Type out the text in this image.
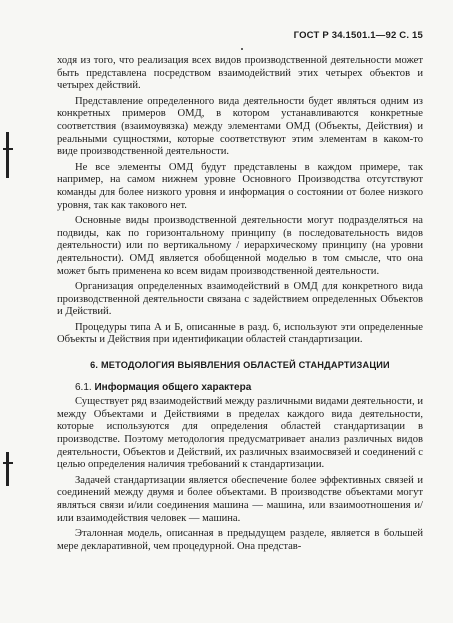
ГОСТ Р 34.1501.1—92 С. 15

ходя из того, что реализация всех видов производственной деятельности может быть представлена посредством взаимодействий этих четырех объектов и четырех действий.

Представление определенного вида деятельности будет являться одним из конкретных примеров ОМД, в котором устанавливаются конкретные соответствия (взаимоувязка) между элементами ОМД (Объекты, Действия) и реальными сущностями, которые соответствуют этим элементам в каком-то виде производственной деятельности.

Не все элементы ОМД будут представлены в каждом примере, так например, на самом нижнем уровне Основного Производства отсутствуют команды для более низкого уровня и информация о состоянии от более низкого уровня, так как такового нет.

Основные виды производственной деятельности могут подразделяться на подвиды, как по горизонтальному принципу (в последовательность видов деятельности) или по вертикальному / иерархическому принципу (на уровни деятельности). ОМД является обобщенной моделью в том смысле, что она может быть применена ко всем видам производственной деятельности.

Организация определенных взаимодействий в ОМД для конкретного вида производственной деятельности связана с задействием определенных Объектов и Действий.

Процедуры типа А и Б, описанные в разд. 6, используют эти определенные Объекты и Действия при идентификации областей стандартизации.

6. МЕТОДОЛОГИЯ ВЫЯВЛЕНИЯ ОБЛАСТЕЙ СТАНДАРТИЗАЦИИ
6.1. Информация общего характера

Существует ряд взаимодействий между различными видами деятельности, и между Объектами и Действиями в пределах каждого вида деятельности, которые используются для определения областей стандартизации в производстве. Поэтому методология предусматривает анализ различных видов деятельности, Объектов и Действий, их различных взаимосвязей и соединений с целью определения наличия требований к стандартизации.

Задачей стандартизации является обеспечение более эффективных связей и соединений между двумя и более объектами. В производстве объектами могут являться связи и/или соединения машина — машина, или взаимоотношения и/или взаимодействия человек — машина.

Эталонная модель, описанная в предыдущем разделе, является в большей мере декларативной, чем процедурной. Она представ-
